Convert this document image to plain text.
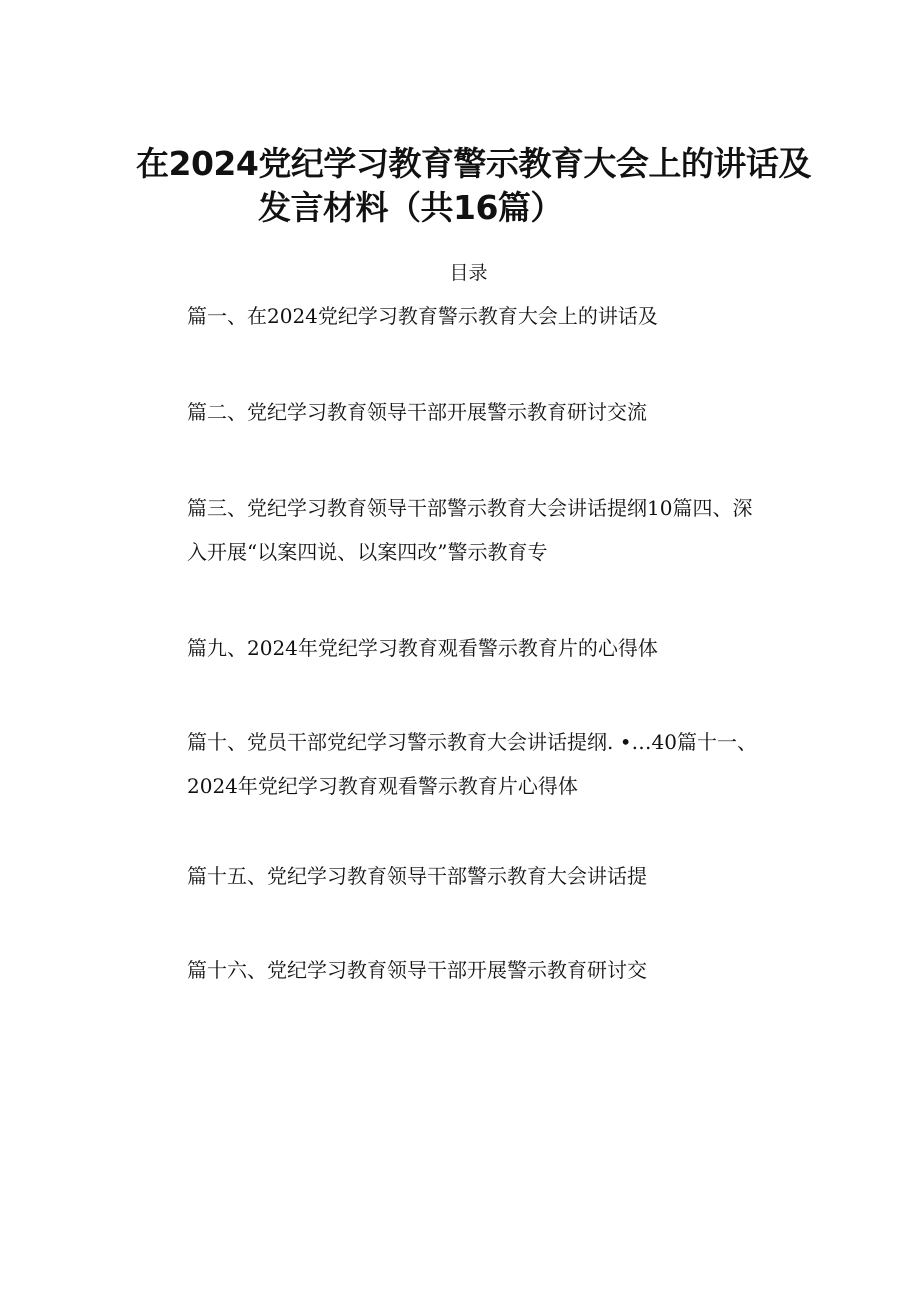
在2024党纪学习教育警示教育大会上的讲话及
发言材料（共16篇）
目录
篇一、在2024党纪学习教育警示教育大会上的讲话及
篇二、党纪学习教育领导干部开展警示教育研讨交流
篇三、党纪学习教育领导干部警示教育大会讲话提纲10篇四、深
入开展“以案四说、以案四改”警示教育专
篇九、2024年党纪学习教育观看警示教育片的心得体
篇十、党员干部党纪学习警示教育大会讲话提纲. •…40篇十一、
2024年党纪学习教育观看警示教育片心得体
篇十五、党纪学习教育领导干部警示教育大会讲话提
篇十六、党纪学习教育领导干部开展警示教育研讨交
